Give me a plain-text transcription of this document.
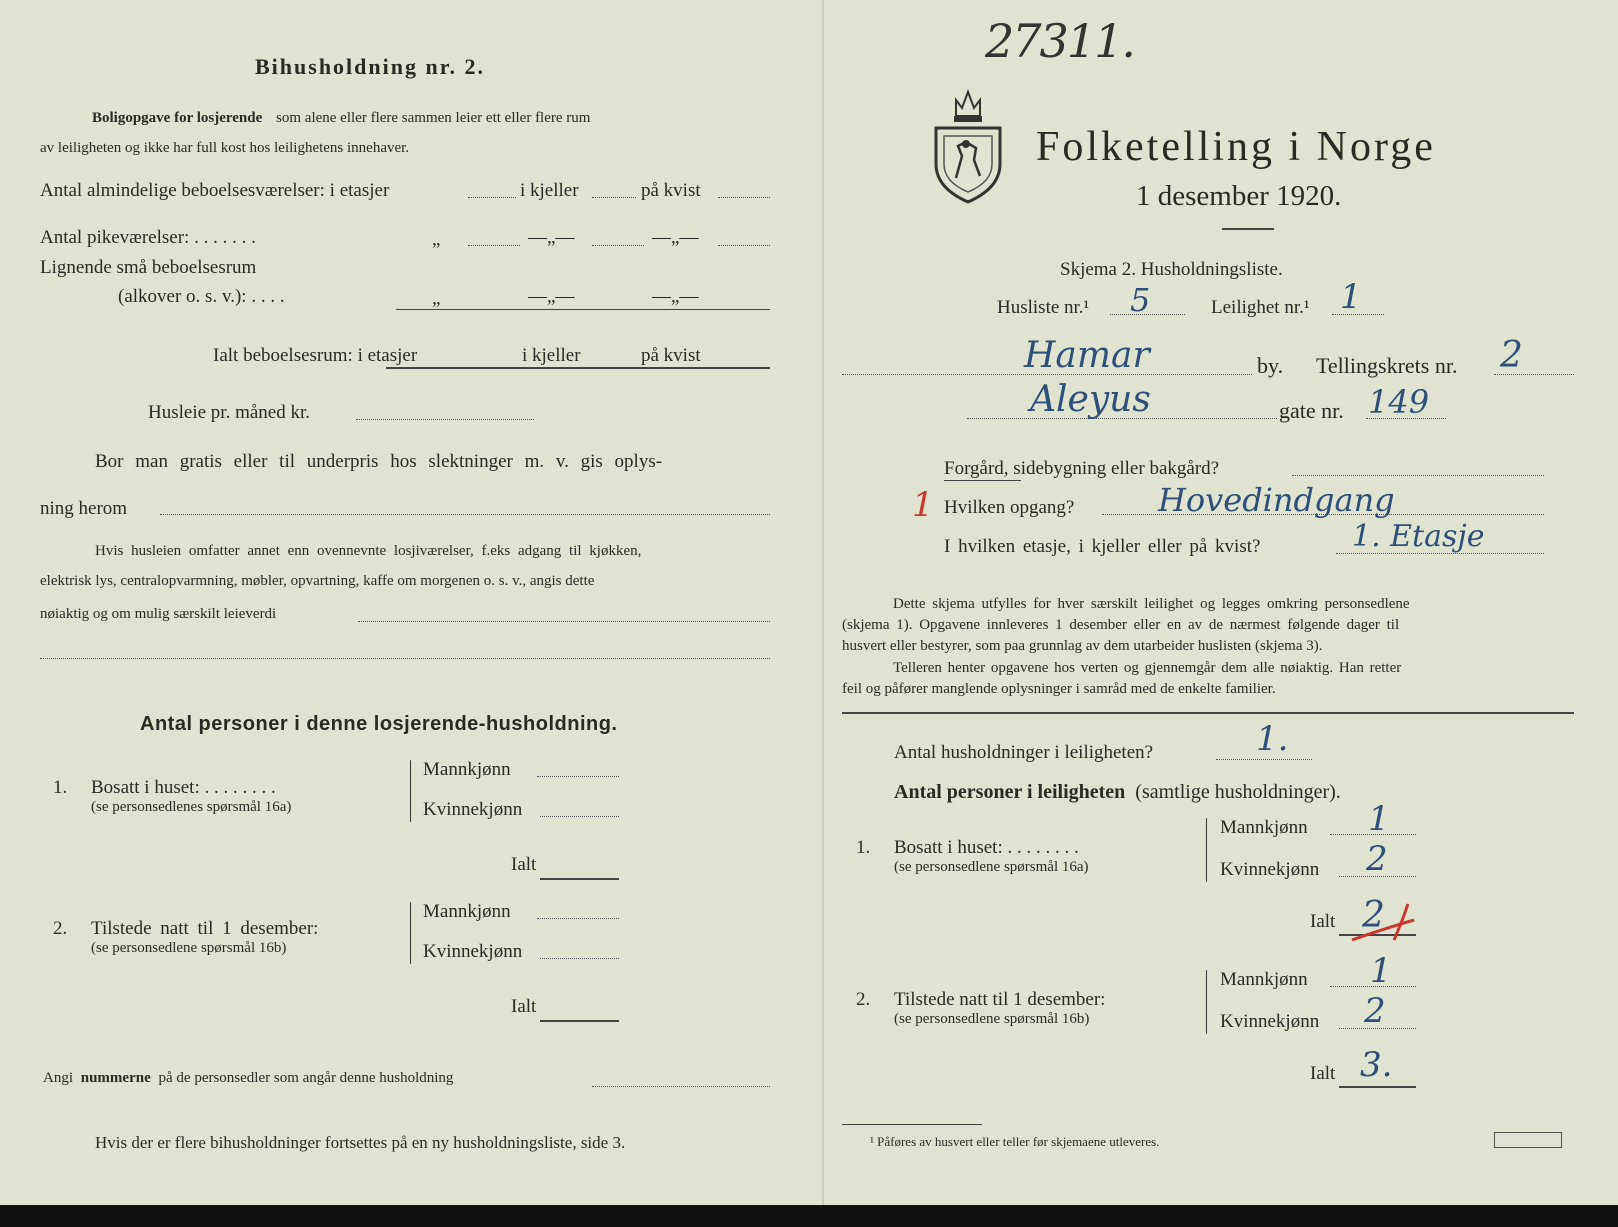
Bihusholdning nr. 2.
Boligopgave for losjerende som alene eller flere sammen leier ett eller flere rum
av leiligheten og ikke har full kost hos leilighetens innehaver.
Antal almindelige beboelsesværelser: i etasjer	i kjeller	på kvist
Antal pikeværelser: . . . . . . .	„	—„—	—„—
Lignende små beboelsesrum
(alkover o. s. v.): . . . .	„	—„—	—„—
Ialt beboelsesrum: i etasjer	i kjeller	på kvist
Husleie pr. måned kr.
Bor man gratis eller til underpris hos slektninger m. v. gis oplys-
ning herom
Hvis husleien omfatter annet enn ovennevnte losjiværelser, f.eks adgang til kjøkken,
elektrisk lys, centralopvarmning, møbler, opvartning, kaffe om morgenen o. s. v., angis dette
nøiaktig og om mulig særskilt leieverdi
Antal personer i denne losjerende-husholdning.
1. Bosatt i huset: . . . . . . . .
(se personsedlenes spørsmål 16a)
Mannkjønn
Kvinnekjønn
Ialt
2. Tilstede natt til 1 desember:
(se personsedlene spørsmål 16b)
Mannkjønn
Kvinnekjønn
Ialt
Angi nummerne på de personsedler som angår denne husholdning
Hvis der er flere bihusholdninger fortsettes på en ny husholdningsliste, side 3.
27311.
Folketelling i Norge
1 desember 1920.
Skjema 2. Husholdningsliste.
Husliste nr.¹ 5	Leilighet nr.¹ 1
Hamar	by. Tellingskrets nr. 2
Aleyus	gate nr. 149
Forgård, sidebygning eller bakgård?
1 Hvilken opgang?	Hovedindgang
I hvilken etasje, i kjeller eller på kvist?	1. Etasje
Dette skjema utfylles for hver særskilt leilighet og legges omkring personsedlene
(skjema 1). Opgavene innleveres 1 desember eller en av de nærmest følgende dager til
husvert eller bestyrer, som paa grunnlag av dem utarbeider huslisten (skjema 3).
Telleren henter opgavene hos verten og gjennemgår dem alle nøiaktig. Han retter
feil og påfører manglende oplysninger i samråd med de enkelte familier.
Antal husholdninger i leiligheten?	1.
Antal personer i leiligheten (samtlige husholdninger).
1. Bosatt i huset: . . . . . . . .
(se personsedlene spørsmål 16a)
Mannkjønn 1
Kvinnekjønn 2
Ialt 2
2. Tilstede natt til 1 desember:
(se personsedlene spørsmål 16b)
Mannkjønn 1
Kvinnekjønn 2
Ialt 3.
¹ Påføres av husvert eller teller før skjemaene utleveres.
